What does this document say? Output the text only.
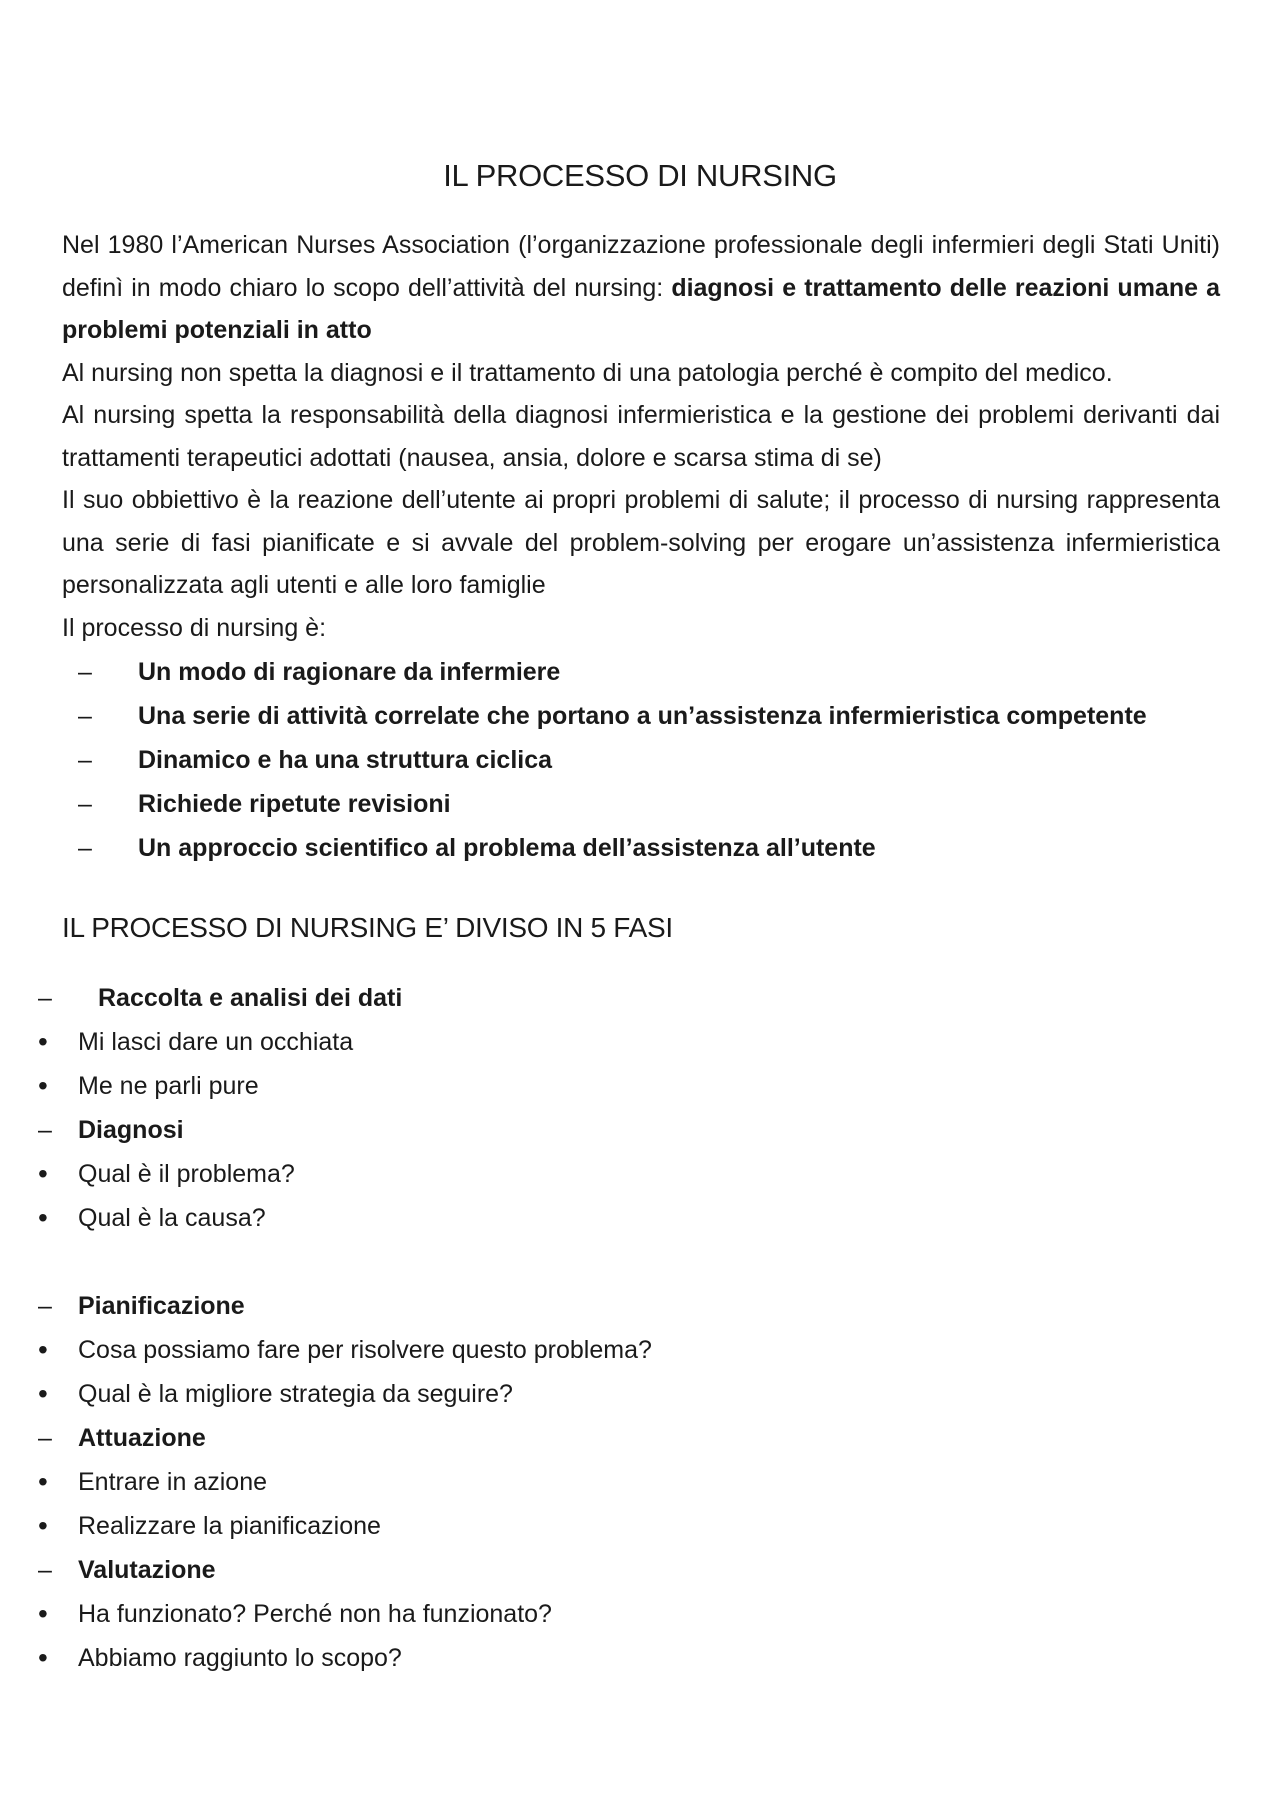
IL PROCESSO DI NURSING

Nel 1980 l’American Nurses Association (l’organizzazione professionale degli infermieri degli Stati Uniti) definì in modo chiaro lo scopo dell’attività del nursing: diagnosi e trattamento delle reazioni umane a problemi potenziali in atto

Al nursing non spetta la diagnosi e il trattamento di una patologia perché è compito del medico.

Al nursing spetta la responsabilità della diagnosi infermieristica e la gestione dei problemi derivanti dai trattamenti terapeutici adottati (nausea, ansia, dolore e scarsa stima di se)

Il suo obbiettivo è la reazione dell’utente ai propri problemi di salute; il processo di nursing rappresenta una serie di fasi pianificate e si avvale del problem-solving per erogare un’assistenza infermieristica personalizzata agli utenti e alle loro famiglie

Il processo di nursing è:

– Un modo di ragionare da infermiere
– Una serie di attività correlate che portano a un’assistenza infermieristica competente
– Dinamico e ha una struttura ciclica
– Richiede ripetute revisioni
– Un approccio scientifico al problema dell’assistenza all’utente
IL PROCESSO DI NURSING E’ DIVISO IN 5 FASI
– Raccolta e analisi dei dati
• Mi lasci dare un occhiata
• Me ne parli pure
– Diagnosi
• Qual è il problema?
• Qual è la causa?
– Pianificazione
• Cosa possiamo fare per risolvere questo problema?
• Qual è la migliore strategia da seguire?
– Attuazione
• Entrare in azione
• Realizzare la pianificazione
– Valutazione
• Ha funzionato? Perché non ha funzionato?
• Abbiamo raggiunto lo scopo?
